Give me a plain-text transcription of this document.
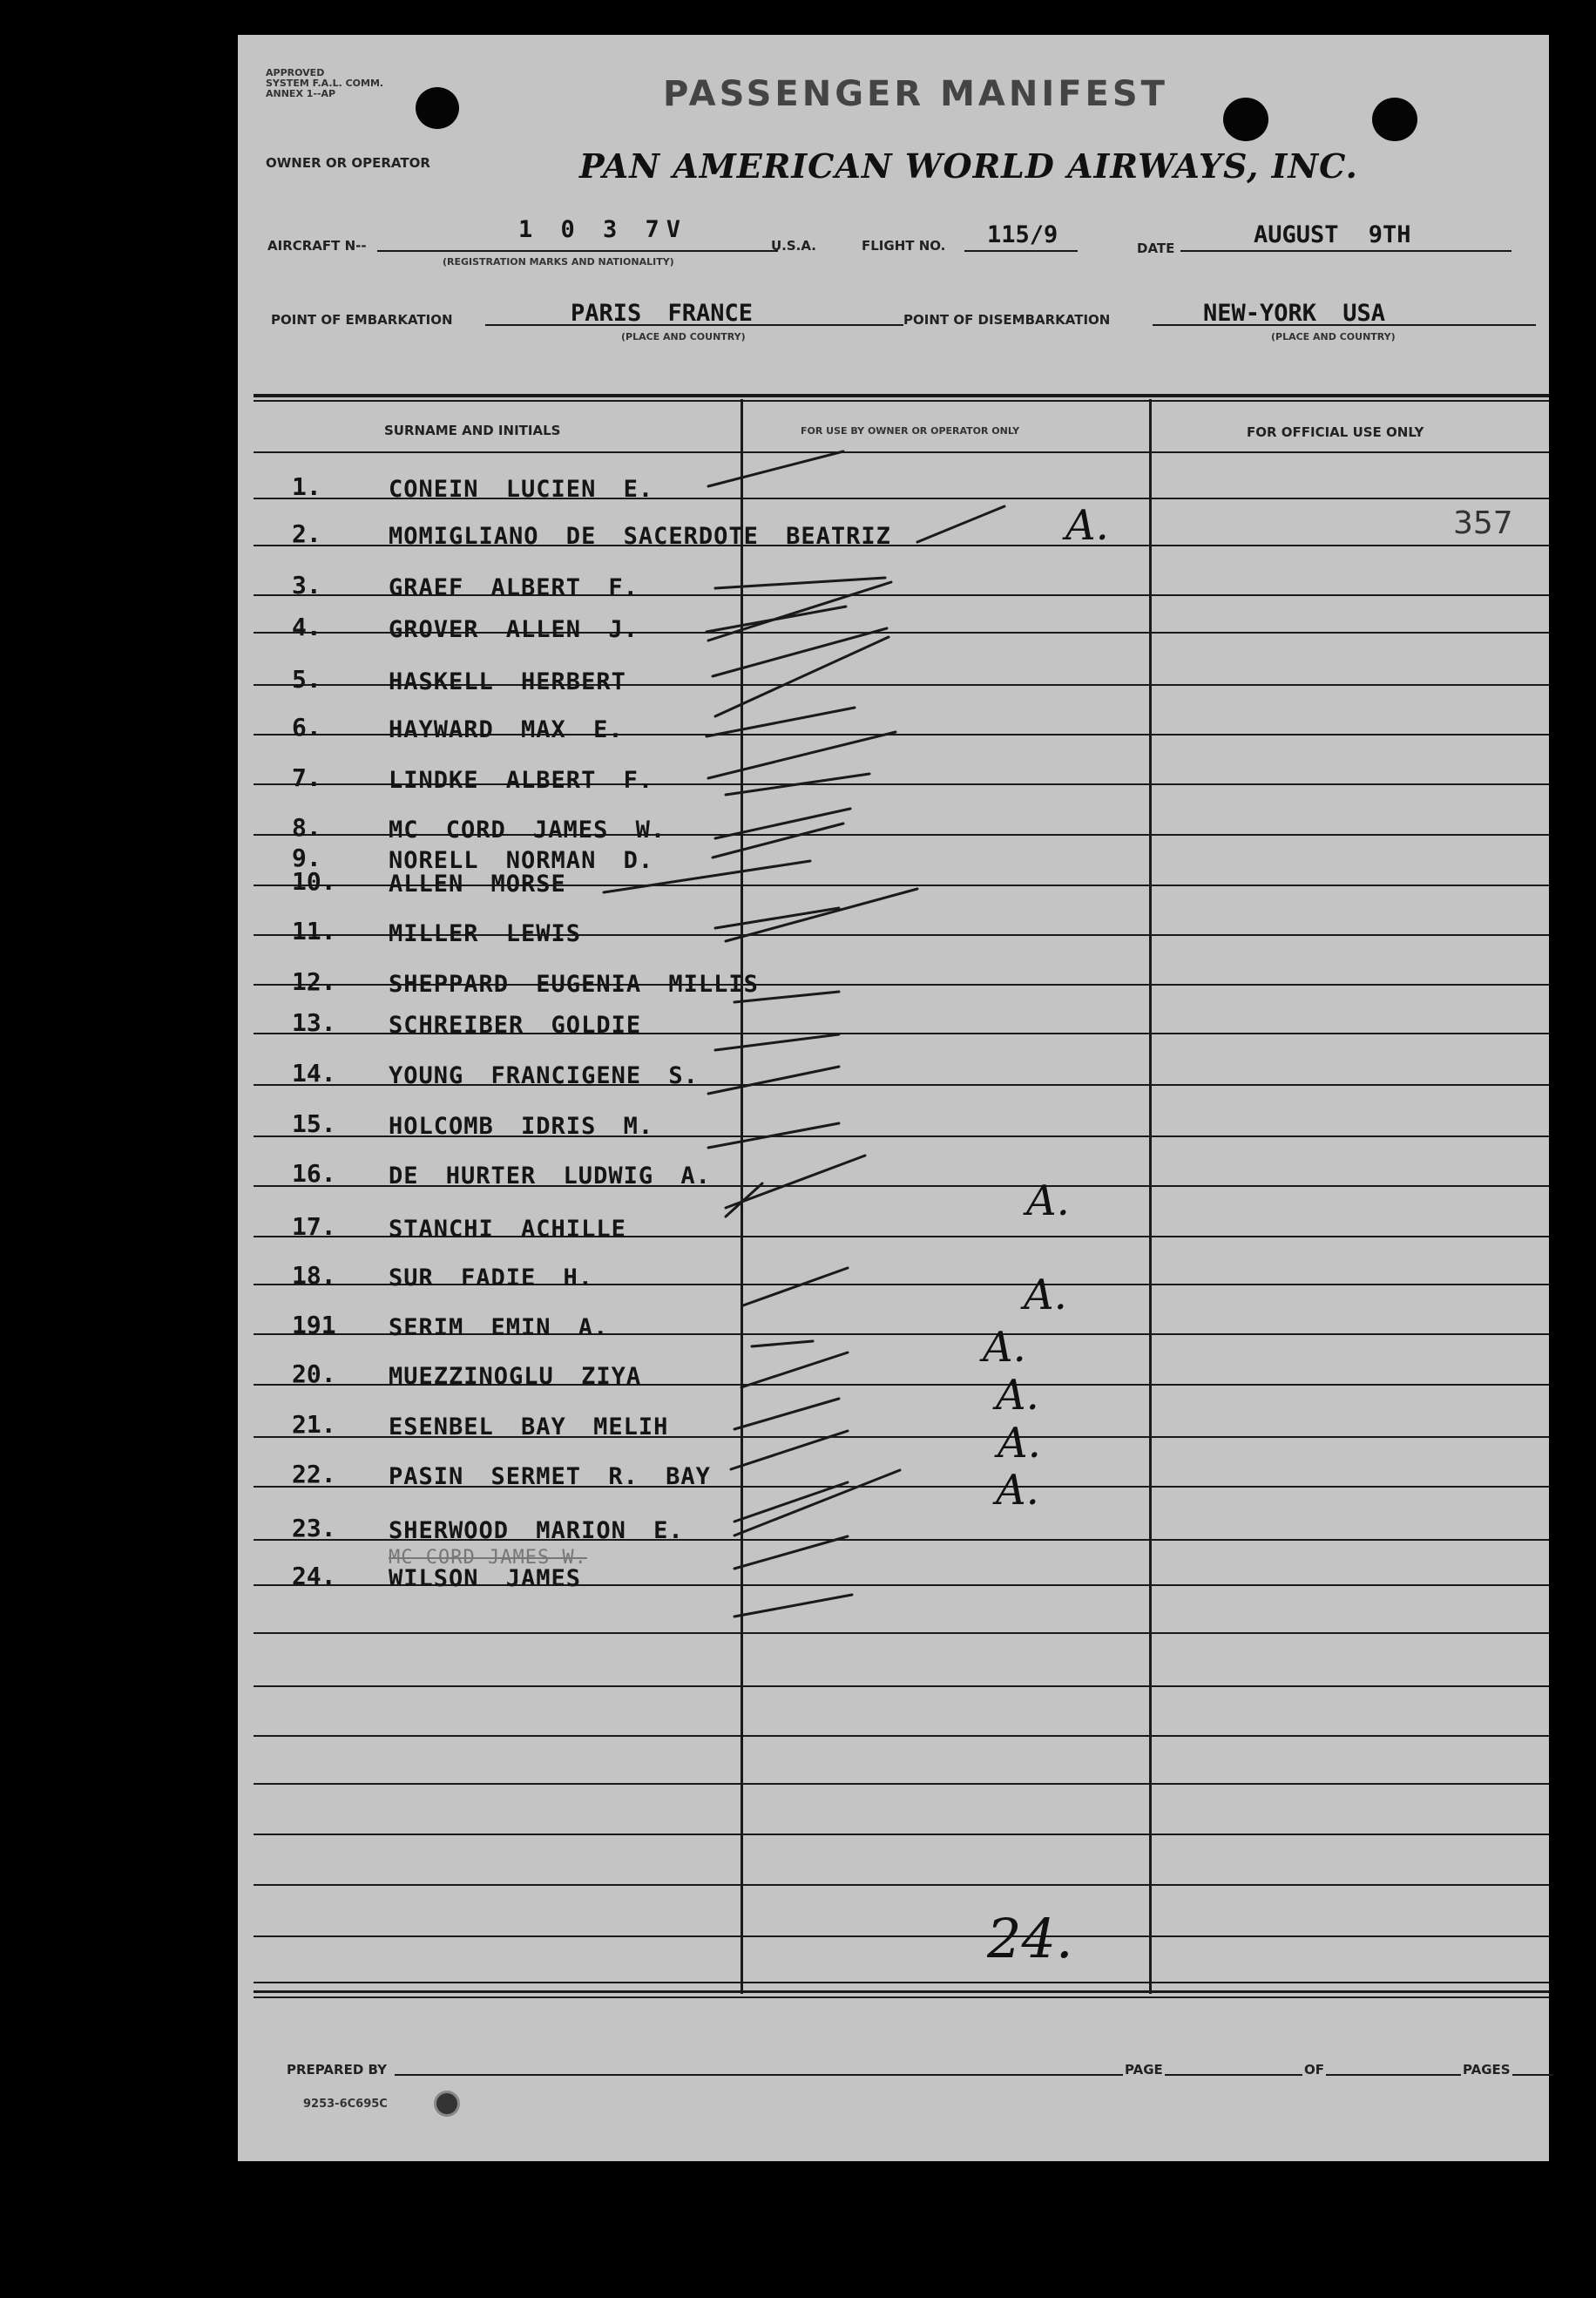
APPROVED
SYSTEM F.A.L. COMM.
ANNEX 1--AP	PASSENGER MANIFEST
OWNER OR OPERATOR	PAN AMERICAN WORLD AIRWAYS, INC.
AIRCRAFT N--
1 0 3 7V
(REGISTRATION MARKS AND NATIONALITY)
U.S.A.	FLIGHT NO. 115/9	DATE	AUGUST 9TH
POINT OF EMBARKATION	PARIS FRANCE
(PLACE AND COUNTRY)
POINT OF DISEMBARKATION	NEW-YORK USA
(PLACE AND COUNTRY)
SURNAME AND INITIALS	FOR USE BY OWNER OR OPERATOR ONLY	FOR OFFICIAL USE ONLY
1.	CONEIN LUCIEN E.
2.	MOMIGLIANO DE SACERDOTE BEATRIZ
3.	GRAEF ALBERT F.
4.	GROVER ALLEN J.
5.	HASKELL HERBERT
6.	HAYWARD MAX E.
7.	LINDKE ALBERT F.
8.	MC CORD JAMES W.
9.	NORELL NORMAN D.
10. ALLEN MORSE
11. MILLER LEWIS
12. SHEPPARD EUGENIA MILLIS
13. SCHREIBER GOLDIE
14. YOUNG FRANCIGENE S.
15. HOLCOMB IDRIS M.
16. DE HURTER LUDWIG A.
17. STANCHI ACHILLE
18. SUR FADIE H.
191 SERIM EMIN A.
20. MUEZZINOGLU ZIYA
21. ESENBEL BAY MELIH
22. PASIN SERMET R. BAY
23. SHERWOOD MARION E.
24. WILSON JAMES
MC CORD JAMES W.
357
A.
A.
A.
A.
A.
A.
A.
24.
PREPARED BY	PAGE	OF	PAGES
9253-6C695C
